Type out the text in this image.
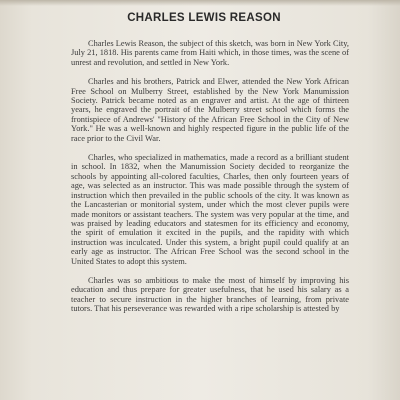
CHARLES LEWIS REASON

Charles Lewis Reason, the subject of this sketch, was born in New York City, July 21, 1818. His parents came from Haiti which, in those times, was the scene of unrest and revolution, and settled in New York.

Charles and his brothers, Patrick and Elwer, attended the New York African Free School on Mulberry Street, established by the New York Manumission Society. Patrick became noted as an engraver and artist. At the age of thirteen years, he engraved the portrait of the Mulberry street school which forms the frontispiece of Andrews' "History of the African Free School in the City of New York." He was a well-known and highly respected figure in the public life of the race prior to the Civil War.

Charles, who specialized in mathematics, made a record as a brilliant student in school. In 1832, when the Manumission Society decided to reorganize the schools by appointing all-colored faculties, Charles, then only fourteen years of age, was selected as an instructor. This was made possible through the system of instruction which then prevailed in the public schools of the city. It was known as the Lancasterian or monitorial system, under which the most clever pupils were made monitors or assistant teachers. The system was very popular at the time, and was praised by leading educators and statesmen for its efficiency and economy, the spirit of emulation it excited in the pupils, and the rapidity with which instruction was inculcated. Under this system, a bright pupil could qualify at an early age as instructor. The African Free School was the second school in the United States to adopt this system.

Charles was so ambitious to make the most of himself by improving his education and thus prepare for greater usefulness, that he used his salary as a teacher to secure instruction in the higher branches of learning, from private tutors. That his perseverance was rewarded with a ripe scholarship is attested by
